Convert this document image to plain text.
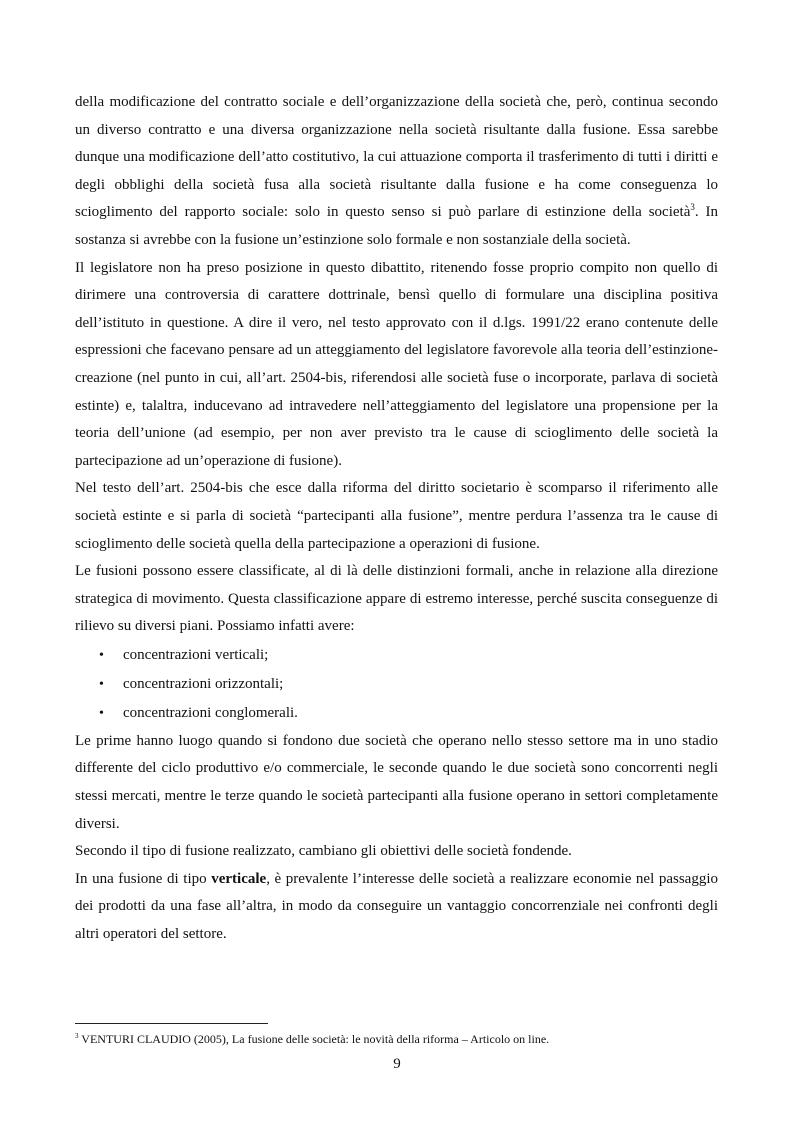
della modificazione del contratto sociale e dell’organizzazione della società che, però, continua secondo un diverso contratto e una diversa organizzazione nella società risultante dalla fusione. Essa sarebbe dunque una modificazione dell’atto costitutivo, la cui attuazione comporta il trasferimento di tutti i diritti e degli obblighi della società fusa alla società risultante dalla fusione e ha come conseguenza lo scioglimento del rapporto sociale: solo in questo senso si può parlare di estinzione della società$^3$. In sostanza si avrebbe con la fusione un’estinzione solo formale e non sostanziale della società.

Il legislatore non ha preso posizione in questo dibattito, ritenendo fosse proprio compito non quello di dirimere una controversia di carattere dottrinale, bensì quello di formulare una disciplina positiva dell’istituto in questione. A dire il vero, nel testo approvato con il d.lgs. 1991/22 erano contenute delle espressioni che facevano pensare ad un atteggiamento del legislatore favorevole alla teoria dell’estinzione-creazione (nel punto in cui, all’art. 2504-bis, riferendosi alle società fuse o incorporate, parlava di società estinte) e, talaltra, inducevano ad intravedere nell’atteggiamento del legislatore una propensione per la teoria dell’unione (ad esempio, per non aver previsto tra le cause di scioglimento delle società la partecipazione ad un’operazione di fusione).

Nel testo dell’art. 2504-bis che esce dalla riforma del diritto societario è scomparso il riferimento alle società estinte e si parla di società “partecipanti alla fusione”, mentre perdura l’assenza tra le cause di scioglimento delle società quella della partecipazione a operazioni di fusione.

Le fusioni possono essere classificate, al di là delle distinzioni formali, anche in relazione alla direzione strategica di movimento. Questa classificazione appare di estremo interesse, perché suscita conseguenze di rilievo su diversi piani. Possiamo infatti avere:

• concentrazioni verticali;
• concentrazioni orizzontali;
• concentrazioni conglomerali.

Le prime hanno luogo quando si fondono due società che operano nello stesso settore ma in uno stadio differente del ciclo produttivo e/o commerciale, le seconde quando le due società sono concorrenti negli stessi mercati, mentre le terze quando le società partecipanti alla fusione operano in settori completamente diversi.

Secondo il tipo di fusione realizzato, cambiano gli obiettivi delle società fondende.

In una fusione di tipo verticale, è prevalente l’interesse delle società a realizzare economie nel passaggio dei prodotti da una fase all’altra, in modo da conseguire un vantaggio concorrenziale nei confronti degli altri operatori del settore.

$^3$ VENTURI CLAUDIO (2005), La fusione delle società: le novità della riforma – Articolo on line.
9
